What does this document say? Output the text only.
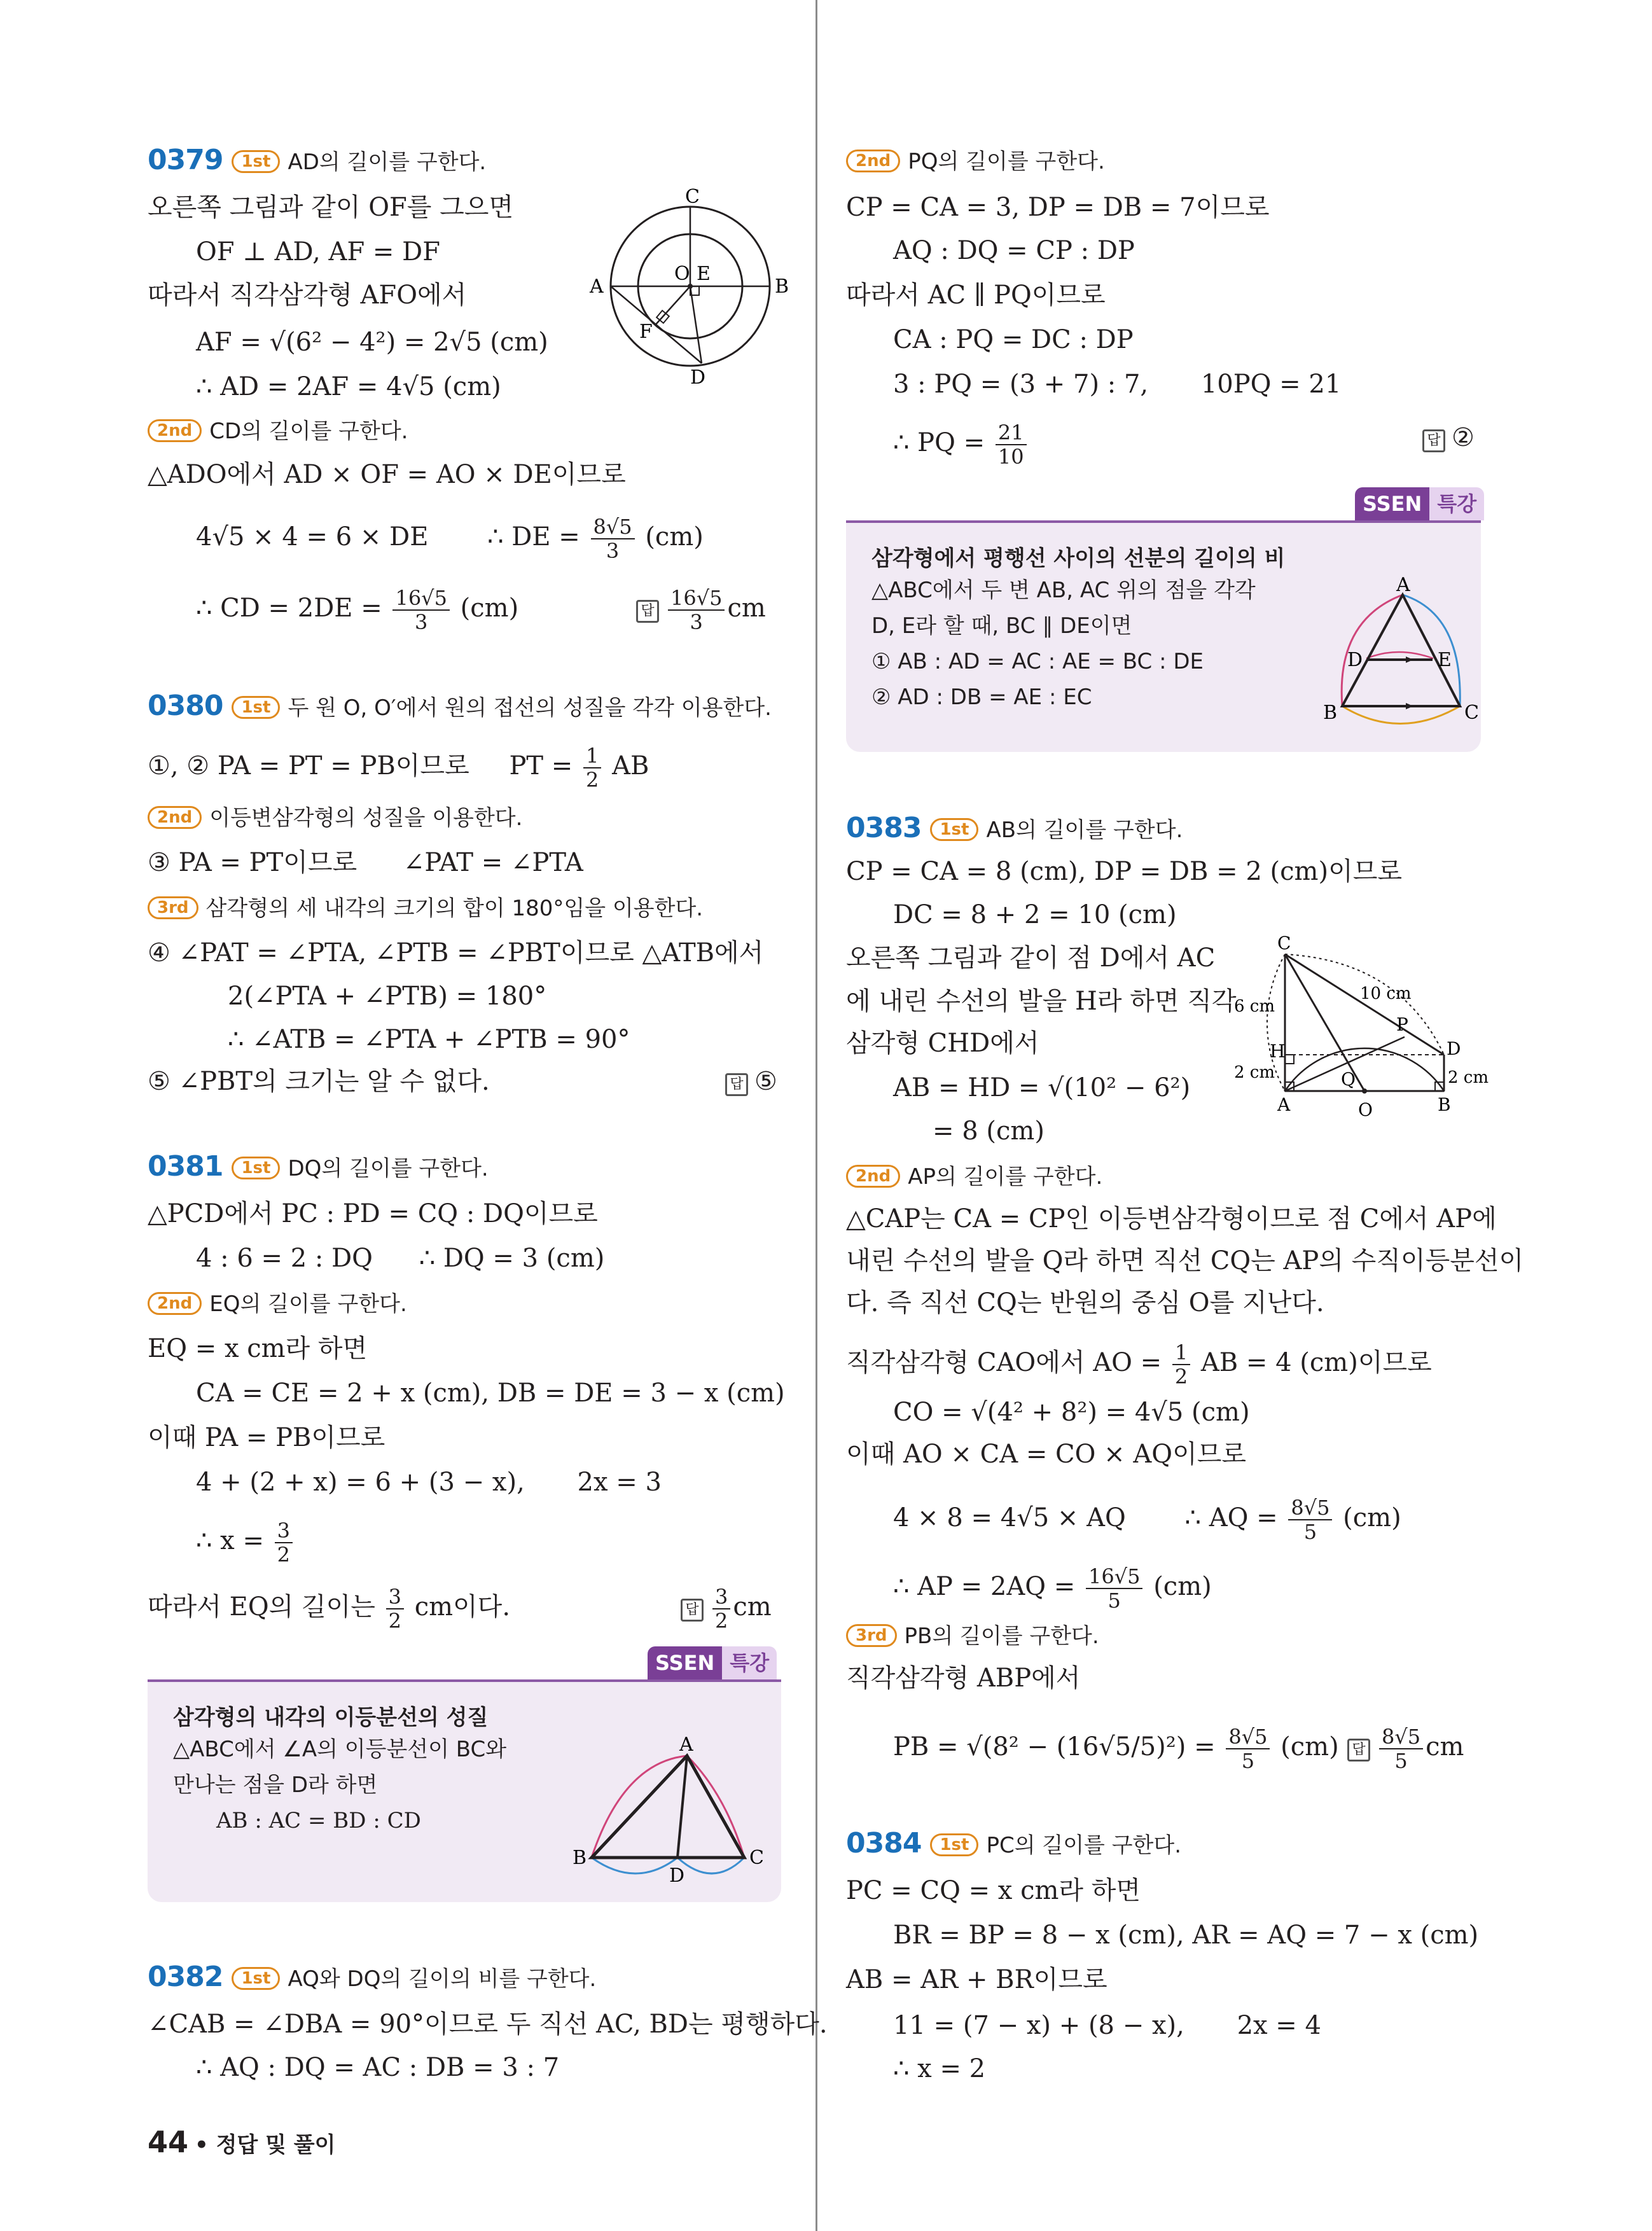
0379 1st AD의 길이를 구한다.
오른쪽 그림과 같이 OF를 그으면
OF ⊥ AD, AF = DF
따라서 직각삼각형 AFO에서
AF = √(6² − 4²) = 2√5 (cm)
∴ AD = 2AF = 4√5 (cm)
2nd CD의 길이를 구한다.
△ADO에서 AD × OF = AO × DE이므로
4√5 × 4 = 6 × DE ∴ DE = $\frac{8√5}{3} (cm)$
∴ CD = $2DE = \frac{16√5}{3} (cm)$	답 $\frac{16√5}{3}$ cm
C
A	B
O E
F
D
0380 1st 두 원 O, O′에서 원의 접선의 성질을 각각 이용한다.
①, ② PA = PT = PB이므로 PT = $\frac{1}{2}$ AB
2nd 이등변삼각형의 성질을 이용한다.
③ PA = PT이므로 ∠PAT = ∠PTA
3rd 삼각형의 세 내각의 크기의 합이 180°임을 이용한다.
④ ∠PAT = ∠PTA, ∠PTB = ∠PBT이므로 △ATB에서
2(∠PTA + ∠PTB) = 180°
∴ ∠ATB = ∠PTA + ∠PTB = 90°
⑤ ∠PBT의 크기는 알 수 없다.	답 ⑤
0381 1st DQ의 길이를 구한다.
△PCD에서 PC : PD = CQ : DQ이므로
4 : 6 = 2 : DQ ∴ DQ = 3 (cm)
2nd EQ의 길이를 구한다.
EQ = x cm라 하면
CA = CE = 2 + x (cm), DB = DE = 3 − x (cm)
이때 PA = PB이므로
4 + (2 + x) = 6 + (3 − x), 2x = 3
∴ $x = \frac{3}{2}$
따라서 EQ의 길이는 $\frac{3}{2}$ cm이다.	답 $\frac{3}{2}$ cm
SSEN 특강
삼각형의 내각의 이등분선의 성질
△ABC에서 ∠A의 이등분선이 BC와
만나는 점을 D라 하면
AB : AC = BD : CD
A
B	C
D
0382 1st AQ와 DQ의 길이의 비를 구한다.
∠CAB = ∠DBA = 90°이므로 두 직선 AC, BD는 평행하다.
∴ AQ : DQ = AC : DB = 3 : 7
44 • 정답 및 풀이
2nd PQ의 길이를 구한다.
CP = CA = 3, DP = DB = 7이므로
AQ : DQ = CP : DP
따라서 AC ∥ PQ이므로
CA : PQ = DC : DP
3 : PQ = (3 + 7) : 7, 10PQ = 21
∴ PQ = $\frac{21}{10}$	답 ②
SSEN 특강
삼각형에서 평행선 사이의 선분의 길이의 비
△ABC에서 두 변 AB, AC 위의 점을 각각
D, E라 할 때, BC ∥ DE이면
① AB : AD = AC : AE = BC : DE
② AD : DB = AE : EC
A
D	E
B	C
0383 1st AB의 길이를 구한다.
CP = CA = 8 (cm), DP = DB = 2 (cm)이므로
DC = 8 + 2 = 10 (cm)
오른쪽 그림과 같이 점 D에서 AC
에 내린 수선의 발을 H라 하면 직각
삼각형 CHD에서
AB = HD = √(10² − 6²)
= 8 (cm)
C
6 cm
10 cm
P
D
H
2 cm	2 cm
Q
A	O	B
2nd AP의 길이를 구한다.
△CAP는 CA = CP인 이등변삼각형이므로 점 C에서 AP에
내린 수선의 발을 Q라 하면 직선 CQ는 AP의 수직이등분선이
다. 즉 직선 CQ는 반원의 중심 O를 지난다.
직각삼각형 CAO에서 AO = $\frac{1}{2}$ AB = 4 (cm)이므로
CO = √(4² + 8²) = 4√5 (cm)
이때 AO × CA = CO × AQ이므로
4 × 8 = 4√5 × AQ ∴ AQ = $\frac{8√5}{5} (cm)$
∴ AP = $2AQ = \frac{16√5}{5} (cm)$
3rd PB의 길이를 구한다.
직각삼각형 ABP에서
PB = $√(8^2 - (16√5/5)^2) = \frac{8√5}{5} (cm)$ 답 $\frac{8√5}{5}$ cm
0384 1st PC의 길이를 구한다.
PC = CQ = x cm라 하면
BR = BP = 8 − x (cm), AR = AQ = 7 − x (cm)
AB = AR + BR이므로
11 = (7 − x) + (8 − x), 2x = 4
∴ x = 2
